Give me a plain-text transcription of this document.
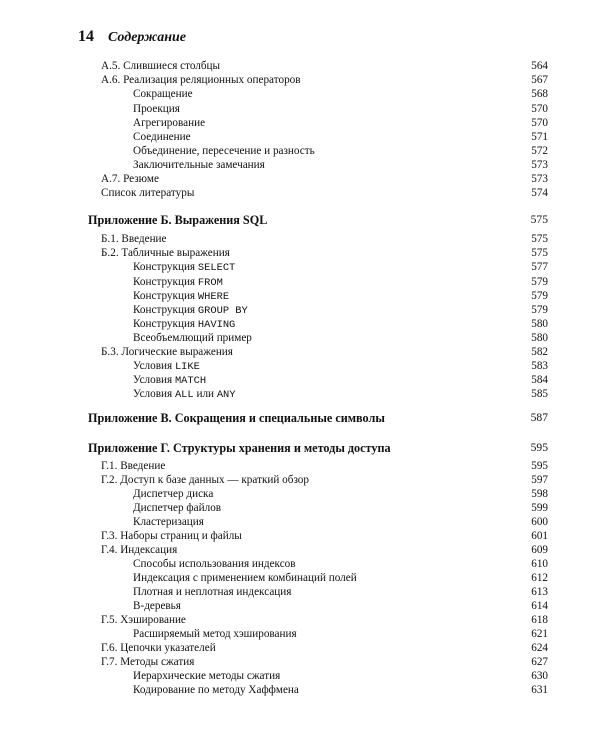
14 Содержание
А.5. Слившиеся столбцы	564
А.6. Реализация реляционных операторов	567
Сокращение	568
Проекция	570
Агрегирование	570
Соединение	571
Объединение, пересечение и разность	572
Заключительные замечания	573
А.7. Резюме	573
Список литературы	574
Приложение Б. Выражения SQL	575
Б.1. Введение	575
Б.2. Табличные выражения	575
Конструкция SELECT	577
Конструкция FROM	579
Конструкция WHERE	579
Конструкция GROUP BY	579
Конструкция HAVING	580
Всеобъемлющий пример	580
Б.3. Логические выражения	582
Условия LIKE	583
Условия MATCH	584
Условия ALL или ANY	585
Приложение В. Сокращения и специальные символы	587
Приложение Г. Структуры хранения и методы доступа	595
Г.1. Введение	595
Г.2. Доступ к базе данных — краткий обзор	597
Диспетчер диска	598
Диспетчер файлов	599
Кластеризация	600
Г.3. Наборы страниц и файлы	601
Г.4. Индексация	609
Способы использования индексов	610
Индексация с применением комбинаций полей	612
Плотная и неплотная индексация	613
В-деревья	614
Г.5. Хэширование	618
Расширяемый метод хэширования	621
Г.6. Цепочки указателей	624
Г.7. Методы сжатия	627
Иерархические методы сжатия	630
Кодирование по методу Хаффмена	631
